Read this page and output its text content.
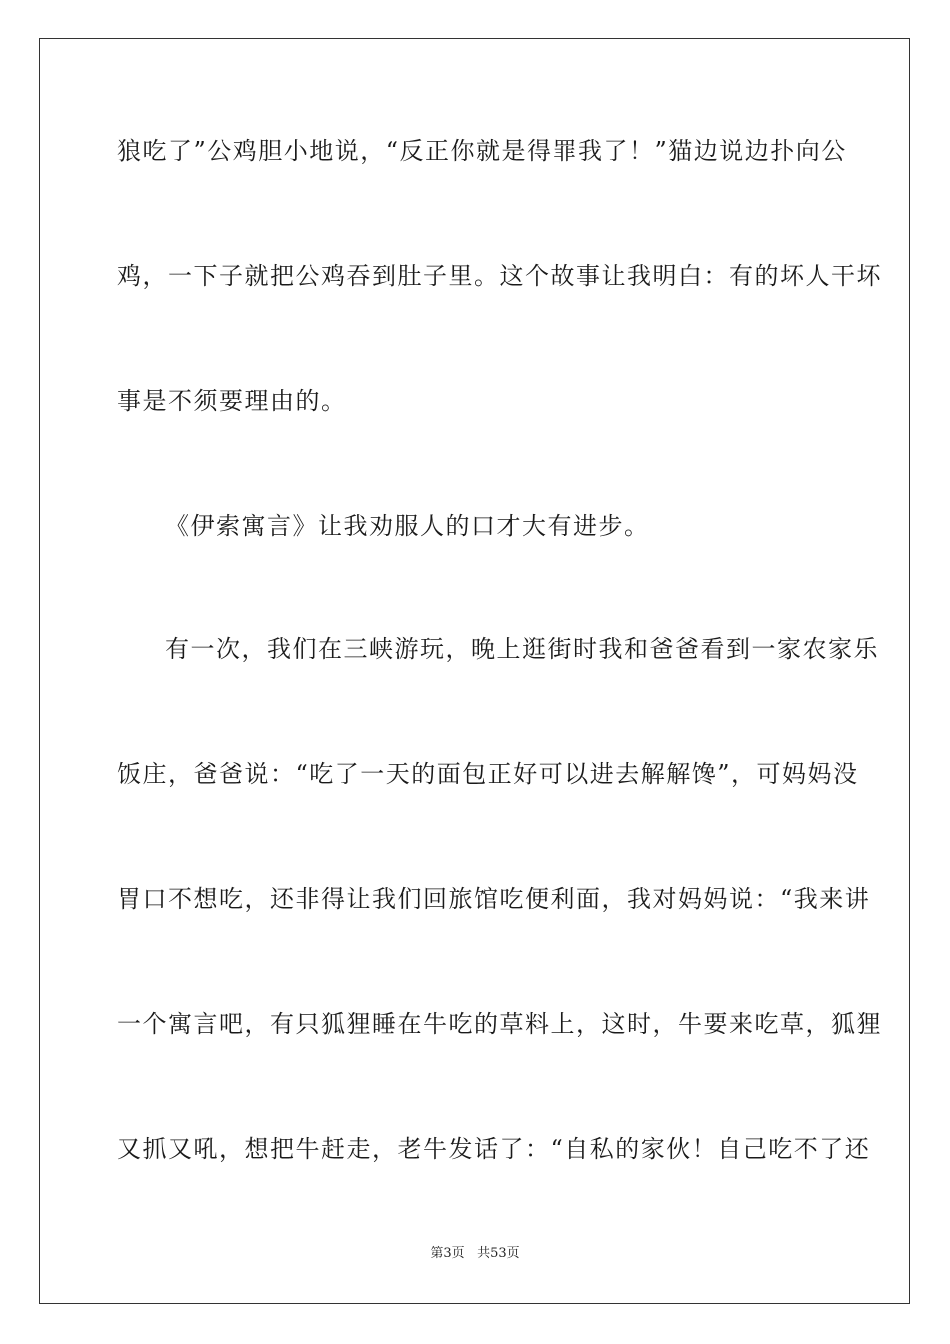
狼吃了”公鸡胆小地说，“反正你就是得罪我了！”猫边说边扑向公
鸡，一下子就把公鸡吞到肚子里。这个故事让我明白：有的坏人干坏
事是不须要理由的。
《伊索寓言》让我劝服人的口才大有进步。
有一次，我们在三峡游玩，晚上逛街时我和爸爸看到一家农家乐
饭庄，爸爸说：“吃了一天的面包正好可以进去解解馋”，可妈妈没
胃口不想吃，还非得让我们回旅馆吃便利面，我对妈妈说：“我来讲
一个寓言吧，有只狐狸睡在牛吃的草料上，这时，牛要来吃草，狐狸
又抓又吼，想把牛赶走，老牛发话了：“自私的家伙！自己吃不了还
第3页 共53页
